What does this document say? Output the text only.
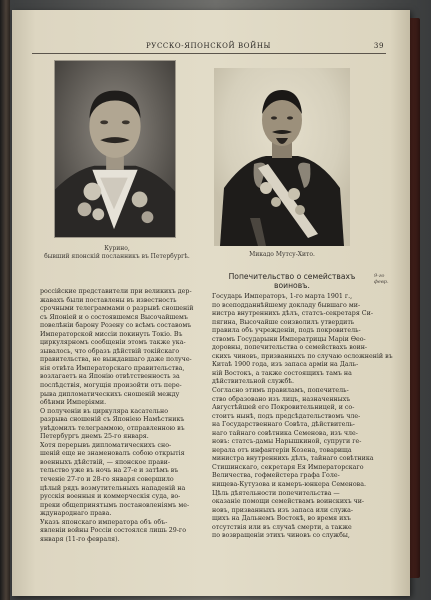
РУССКО-ЯПОНСКОЙ ВОЙНЫ	39
Курино,
бывший японскій посланникъ въ Петербургѣ.	Микадо Мутсу-Хито.
Попечительство о семействахъ
воиновъ.
9-го
февр.
россійские представители при великихъ дер-
жавахъ были поставлены въ известность
срочными телеграммами о разрывѣ сношеній
съ Японіей и о состоявшемся Высочайшемъ
повелѣніи барону Розену со всѣмъ составомъ
Императорской миссіи покинуть Токіо. Въ
циркулярномъ сообщеніи этомъ также ука-
зывалось, что образъ дѣйствій токійскаго
правительства, не выждавшаго даже получе-
нія отвѣта Императорскаго правительства,
возлагаетъ на Японію отвѣтственность за
послѣдствія, могущія произойти отъ пере-
рыва дипломатическихъ сношеній между
обѣими Имперіями.
О полученіи въ циркуляра касательно
разрыва сношеній съ Японіею Намѣстникъ
увѣдомилъ телеграммою, отправленною въ
Петербургъ днемъ 25-го января.
Хотя перерывъ дипломатическихъ сно-
шеній еще не знаменовалъ собою открытія
военныхъ дѣйствій, — японское прави-
тельство уже въ ночь на 27-е и затѣмъ въ
теченіе 27-го и 28-го января совершило
цѣлый рядъ возмутительныхъ нападеній на
русскія военныя и коммерческія суда, во-
преки общепринятымъ постановленіямъ ме-
ждународнаго права.
Указъ японскаго императора объ объ-
явленіи войны Россіи состоялся лишь 29-го
января (11-го февраля).
Государь Императоръ, 1-го марта 1901 г.,
по всеподданнѣйшему докладу бывшаго ми-
нистра внутреннихъ дѣлъ, статсъ-секретаря Си-
пягина, Высочайше соизволилъ утвердить
правила объ учрежденіи, подъ покровитель-
ствомъ Государыни Императрицы Маріи Ѳео-
доровны, попечительства о семействахъ воин-
скихъ чиновъ, призванныхъ по случаю осложненій въ
Китаѣ 1900 года, изъ запаса арміи на Даль-
ній Востокъ, а также состоящихъ тамъ на
дѣйствительной службѣ.
Согласно этимъ правиламъ, попечитель-
ство образовано изъ лицъ, назначенныхъ
Августѣйшей его Покровительницей, и со-
стоитъ нынѣ, подъ предсѣдательствомъ чле-
на Государственнаго Совѣта, дѣйствитель-
наго тайнаго совѣтника Семенова, изъ чле-
новъ: статсъ-дамы Нарышкиной, супруги ге-
нерала отъ инфантеріи Козена, товарища
министра внутреннихъ дѣлъ, тайнаго совѣтника
Стишинскаго, секретаря Ея Императорскаго
Величества, гофмейстера графа Голе-
нищева-Кутузова и камеръ-юнкера Семенова.
Цѣль дѣятельности попечительства —
оказаніе помощи семействамъ воинскихъ чи-
новъ, призванныхъ изъ запаса или служа-
щихъ на Дальнемъ Востокѣ, во время ихъ
отсутствія или въ случаѣ смерти, а также
по возвращеніи этихъ чиновъ со службы,
